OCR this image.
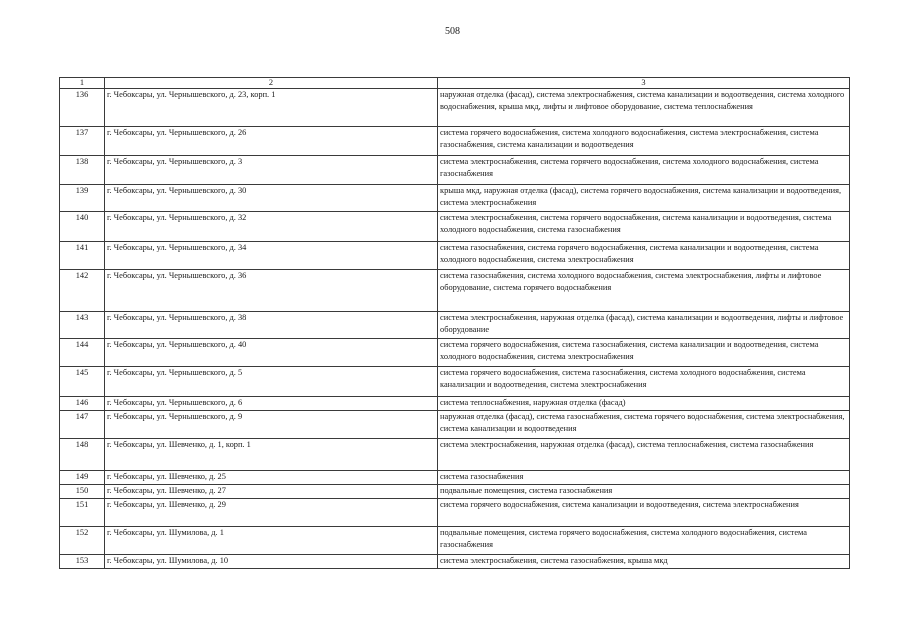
508
1	2	3
136	г. Чебоксары, ул. Чернышевского, д. 23, корп. 1	наружная отделка (фасад), система электроснабжения, система канализации и водоотведения, система холодного водоснабжения, крыша мкд, лифты и лифтовое оборудование, система теплоснабжения
137	г. Чебоксары, ул. Чернышевского, д. 26	система горячего водоснабжения, система холодного водоснабжения, система электроснабжения, система газоснабжения, система канализации и водоотведения
138	г. Чебоксары, ул. Чернышевского, д. 3	система электроснабжения, система горячего водоснабжения, система холодного водоснабжения, система газоснабжения
139	г. Чебоксары, ул. Чернышевского, д. 30	крыша мкд, наружная отделка (фасад), система горячего водоснабжения, система канализации и водоотведения, система электроснабжения
140	г. Чебоксары, ул. Чернышевского, д. 32	система электроснабжения, система горячего водоснабжения, система канализации и водоотведения, система холодного водоснабжения, система газоснабжения
141	г. Чебоксары, ул. Чернышевского, д. 34	система газоснабжения, система горячего водоснабжения, система канализации и водоотведения, система холодного водоснабжения, система электроснабжения
142	г. Чебоксары, ул. Чернышевского, д. 36	система газоснабжения, система холодного водоснабжения, система электроснабжения, лифты и лифтовое оборудование, система горячего водоснабжения
143	г. Чебоксары, ул. Чернышевского, д. 38	система электроснабжения, наружная отделка (фасад), система канализации и водоотведения, лифты и лифтовое оборудование
144	г. Чебоксары, ул. Чернышевского, д. 40	система горячего водоснабжения, система газоснабжения, система канализации и водоотведения, система холодного водоснабжения, система электроснабжения
145	г. Чебоксары, ул. Чернышевского, д. 5	система горячего водоснабжения, система газоснабжения, система холодного водоснабжения, система канализации и водоотведения, система электроснабжения
146	г. Чебоксары, ул. Чернышевского, д. 6	система теплоснабжения, наружная отделка (фасад)
147	г. Чебоксары, ул. Чернышевского, д. 9	наружная отделка (фасад), система газоснабжения, система горячего водоснабжения, система электроснабжения, система канализации и водоотведения
148	г. Чебоксары, ул. Шевченко, д. 1, корп. 1	система электроснабжения, наружная отделка (фасад), система теплоснабжения, система газоснабжения
149	г. Чебоксары, ул. Шевченко, д. 25	система газоснабжения
150	г. Чебоксары, ул. Шевченко, д. 27	подвальные помещения, система газоснабжения
151	г. Чебоксары, ул. Шевченко, д. 29	система горячего водоснабжения, система канализации и водоотведения, система электроснабжения
152	г. Чебоксары, ул. Шумилова, д. 1	подвальные помещения, система горячего водоснабжения, система холодного водоснабжения, система газоснабжения
153	г. Чебоксары, ул. Шумилова, д. 10	система электроснабжения, система газоснабжения, крыша мкд
